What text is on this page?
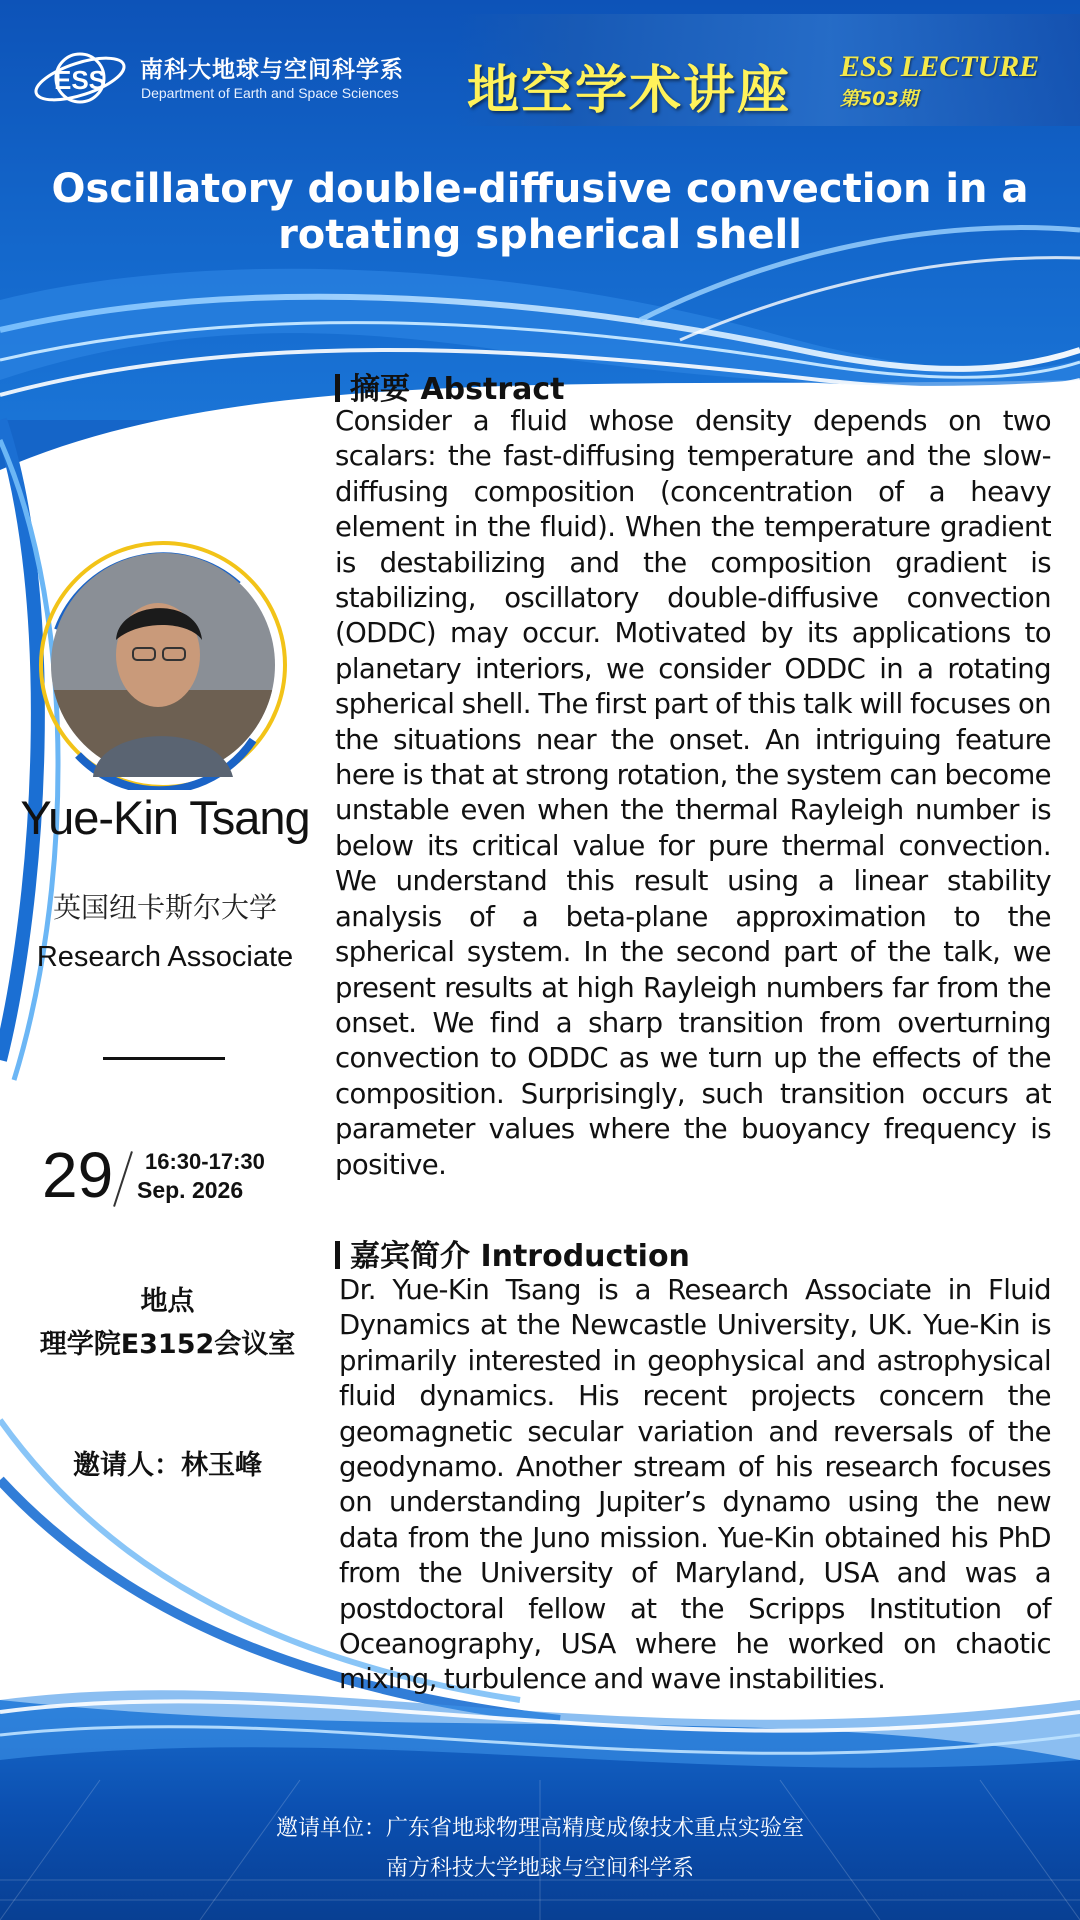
ESS 南科大地球与空间科学系
Department of Earth and Space Sciences 地空学术讲座 ESS LECTURE
第503期
Oscillatory double-diffusive convection in a rotating spherical shell
Yue-Kin Tsang
英国纽卡斯尔大学
Research Associate
29 16:30-17:30
Sep. 2026
地点
理学院E3152会议室
邀请人：林玉峰
摘要 Abstract
Consider a fluid whose density depends on two scalars: the fast-diffusing temperature and the slow-diffusing composition (concentration of a heavy element in the fluid). When the temperature gradient is destabilizing and the composition gradient is stabilizing, oscillatory double-diffusive convection (ODDC) may occur. Motivated by its applications to planetary interiors, we consider ODDC in a rotating spherical shell. The first part of this talk will focuses on the situations near the onset. An intriguing feature here is that at strong rotation, the system can become unstable even when the thermal Rayleigh number is below its critical value for pure thermal convection. We understand this result using a linear stability analysis of a beta-plane approximation to the spherical system. In the second part of the talk, we present results at high Rayleigh numbers far from the onset. We find a sharp transition from overturning convection to ODDC as we turn up the effects of the composition. Surprisingly, such transition occurs at parameter values where the buoyancy frequency is positive.
嘉宾简介 Introduction
Dr. Yue-Kin Tsang is a Research Associate in Fluid Dynamics at the Newcastle University, UK. Yue-Kin is primarily interested in geophysical and astrophysical fluid dynamics. His recent projects concern the geomagnetic secular variation and reversals of the geodynamo. Another stream of his research focuses on understanding Jupiter’s dynamo using the new data from the Juno mission. Yue-Kin obtained his PhD from the University of Maryland, USA and was a postdoctoral fellow at the Scripps Institution of Oceanography, USA where he worked on chaotic mixing, turbulence and wave instabilities.
邀请单位：广东省地球物理高精度成像技术重点实验室
南方科技大学地球与空间科学系
